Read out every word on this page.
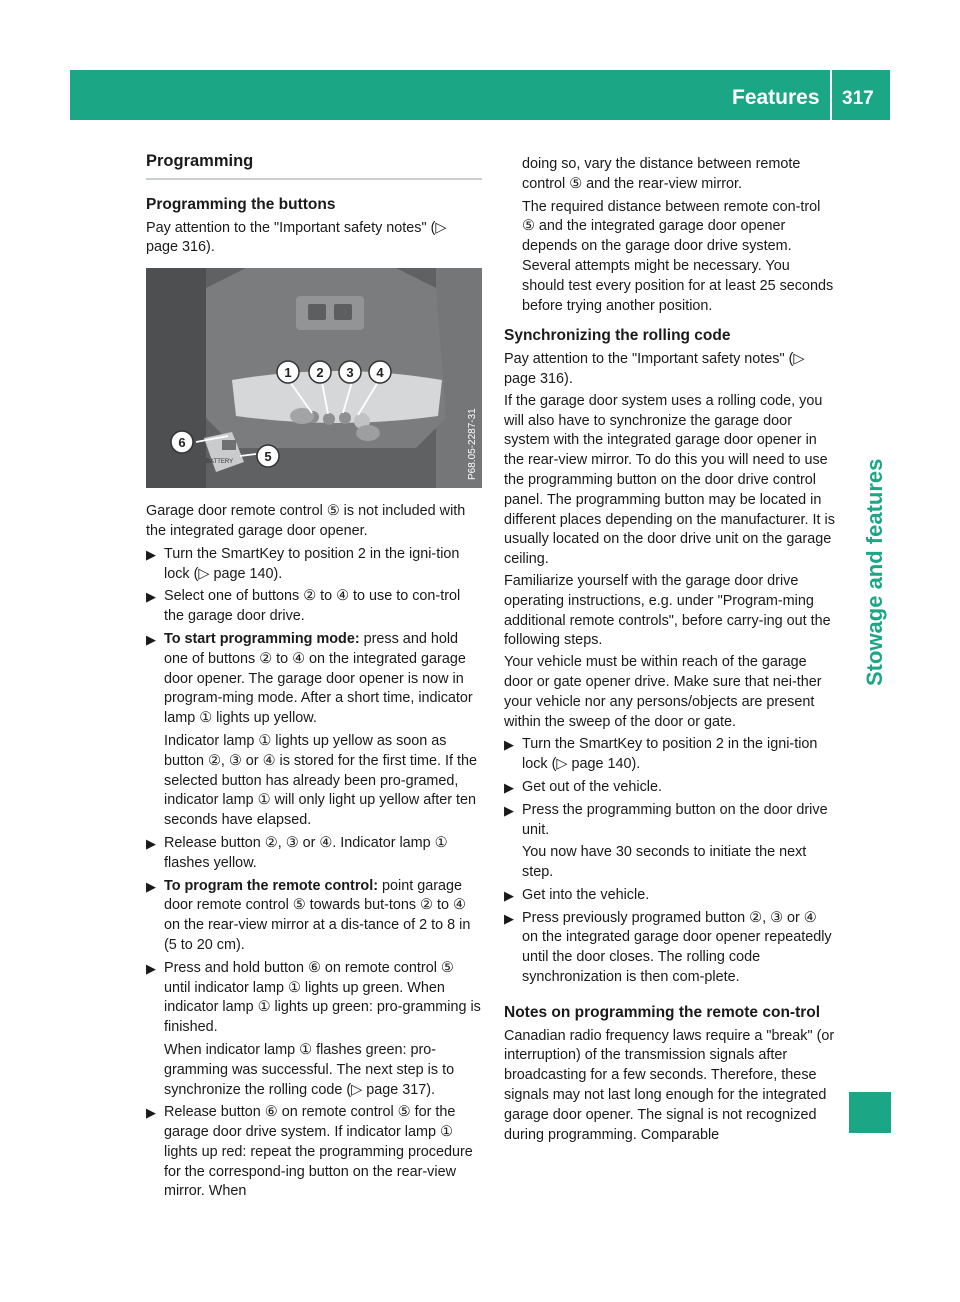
Features 317
Stowage and features
Programming
Programming the buttons

Pay attention to the "Important safety notes" (▷ page 316).

BATTERY
1 2 3 4
5
6	P68.05-2287-31

Garage door remote control ⑤ is not included with the integrated garage door opener.

▶ Turn the SmartKey to position 2 in the igni-tion lock (▷ page 140).
▶ Select one of buttons ② to ④ to use to con-trol the garage door drive.
▶ To start programming mode: press and hold one of buttons ② to ④ on the integrated garage door opener. The garage door opener is now in program-ming mode. After a short time, indicator lamp ① lights up yellow.

Indicator lamp ① lights up yellow as soon as button ②, ③ or ④ is stored for the first time. If the selected button has already been pro-gramed, indicator lamp ① will only light up yellow after ten seconds have elapsed.

▶ Release button ②, ③ or ④. Indicator lamp ① flashes yellow.
▶ To program the remote control: point garage door remote control ⑤ towards but-tons ② to ④ on the rear-view mirror at a dis-tance of 2 to 8 in (5 to 20 cm).
▶ Press and hold button ⑥ on remote control ⑤ until indicator lamp ① lights up green. When indicator lamp ① lights up green: pro-gramming is finished.

When indicator lamp ① flashes green: pro-gramming was successful. The next step is to synchronize the rolling code (▷ page 317).

▶ Release button ⑥ on remote control ⑤ for the garage door drive system. If indicator lamp ① lights up red: repeat the programming procedure for the correspond-ing button on the rear-view mirror. When

doing so, vary the distance between remote control ⑤ and the rear-view mirror.

The required distance between remote con-trol ⑤ and the integrated garage door opener depends on the garage door drive system. Several attempts might be necessary. You should test every position for at least 25 seconds before trying another position.

Synchronizing the rolling code

Pay attention to the "Important safety notes" (▷ page 316).

If the garage door system uses a rolling code, you will also have to synchronize the garage door system with the integrated garage door opener in the rear-view mirror. To do this you will need to use the programming button on the door drive control panel. The programming button may be located in different places depending on the manufacturer. It is usually located on the door drive unit on the garage ceiling.

Familiarize yourself with the garage door drive operating instructions, e.g. under "Program-ming additional remote controls", before carry-ing out the following steps.

Your vehicle must be within reach of the garage door or gate opener drive. Make sure that nei-ther your vehicle nor any persons/objects are present within the sweep of the door or gate.

▶ Turn the SmartKey to position 2 in the igni-tion lock (▷ page 140).
▶ Get out of the vehicle.
▶ Press the programming button on the door drive unit.

You now have 30 seconds to initiate the next step.

▶ Get into the vehicle.
▶ Press previously programed button ②, ③ or ④ on the integrated garage door opener repeatedly until the door closes. The rolling code synchronization is then com-plete.
Notes on programming the remote con-trol

Canadian radio frequency laws require a "break" (or interruption) of the transmission signals after broadcasting for a few seconds. Therefore, these signals may not last long enough for the integrated garage door opener. The signal is not recognized during programming. Comparable
